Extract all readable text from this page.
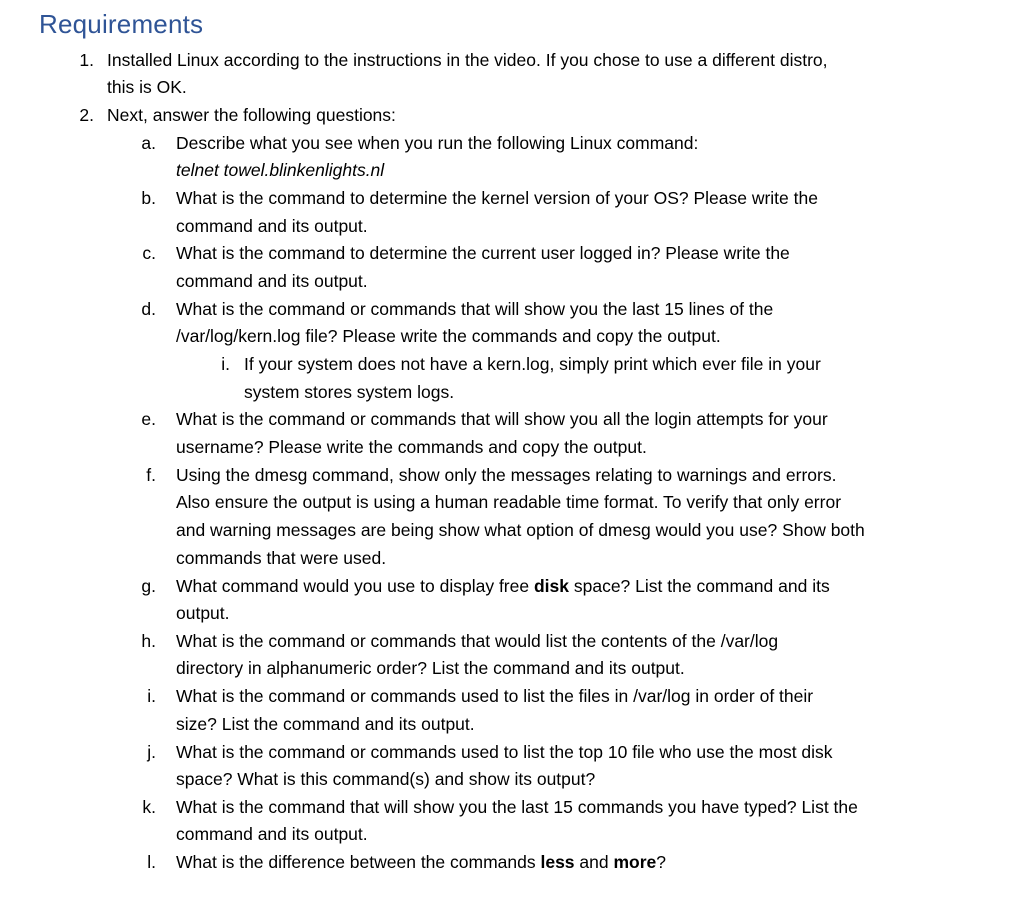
Requirements
1. Installed Linux according to the instructions in the video. If you chose to use a different distro,
this is OK.
2. Next, answer the following questions:
a. Describe what you see when you run the following Linux command:
telnet towel.blinkenlights.nl
b. What is the command to determine the kernel version of your OS? Please write the
command and its output.
c. What is the command to determine the current user logged in? Please write the
command and its output.
d. What is the command or commands that will show you the last 15 lines of the
/var/log/kern.log file? Please write the commands and copy the output.
i. If your system does not have a kern.log, simply print which ever file in your
system stores system logs.
e. What is the command or commands that will show you all the login attempts for your
username? Please write the commands and copy the output.
f. Using the dmesg command, show only the messages relating to warnings and errors.
Also ensure the output is using a human readable time format. To verify that only error
and warning messages are being show what option of dmesg would you use? Show both
commands that were used.
g. What command would you use to display free disk space? List the command and its
output.
h. What is the command or commands that would list the contents of the /var/log
directory in alphanumeric order? List the command and its output.
i. What is the command or commands used to list the files in /var/log in order of their
size? List the command and its output.
j. What is the command or commands used to list the top 10 file who use the most disk
space? What is this command(s) and show its output?
k. What is the command that will show you the last 15 commands you have typed? List the
command and its output.
l. What is the difference between the commands less and more?
